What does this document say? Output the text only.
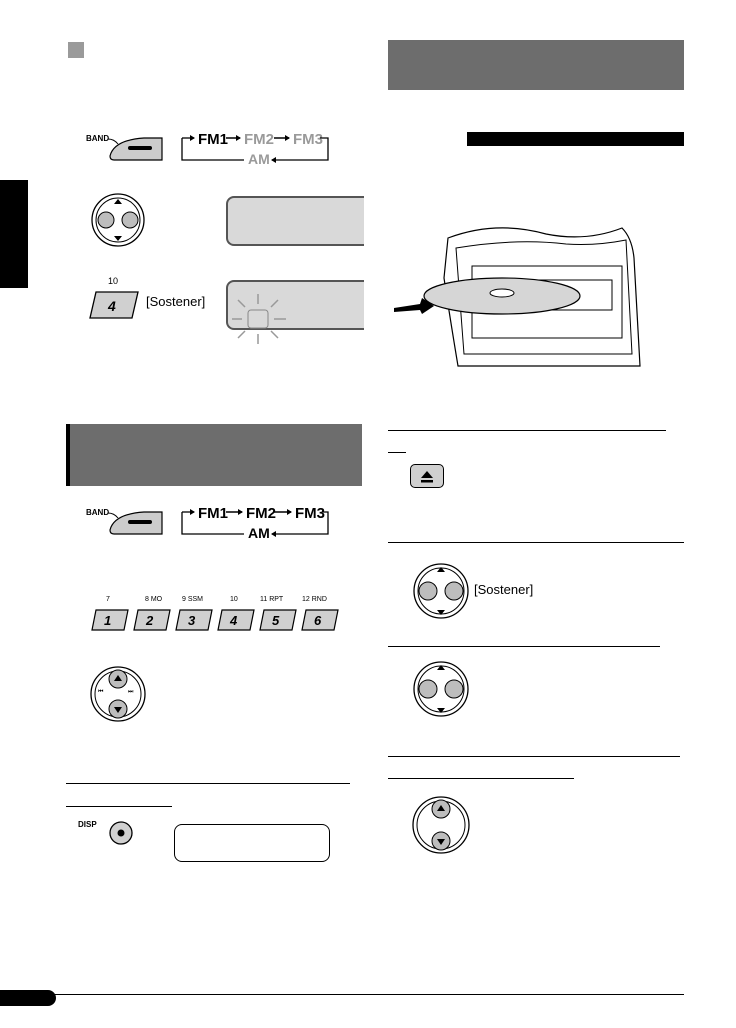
BAND	FM1 FM2 FM3
AM
10
4 [Sostener]
BAND	FM1 FM2 FM3
AM
7	8 MO	9 SSM	10	11 RPT	12 RND
1	2	3	4	5	6
⏮	⏭
DISP
[Sostener]
